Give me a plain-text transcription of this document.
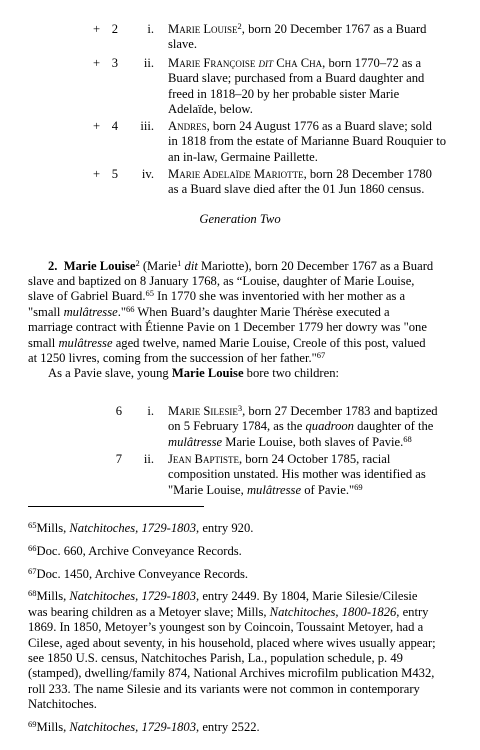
+ 2	i. Marie Louise$^2$, born 20 December 1767 as a Buard
slave.
+ 3	ii. Marie Françoise dit Cha Cha, born 1770–72 as a
Buard slave; purchased from a Buard daughter and
freed in 1818–20 by her probable sister Marie
Adelaïde, below.
+ 4	iii. Andres, born 24 August 1776 as a Buard slave; sold
in 1818 from the estate of Marianne Buard Rouquier to
an in-law, Germaine Paillette.
+ 5	iv. Marie Adelaïde Mariotte, born 28 December 1780
as a Buard slave died after the 01 Jun 1860 census.
Generation Two

2. Marie Louise$^2$ (Marie$^1$ dit Mariotte), born 20 December 1767 as a Buard

slave and baptized on 8 January 1768, as “Louise, daughter of Marie Louise,
slave of Gabriel Buard.$^{65}$ In 1770 she was inventoried with her mother as a
"small mulâtresse."$^{66}$ When Buard’s daughter Marie Thérèse executed a
marriage contract with Étienne Pavie on 1 December 1779 her dowry was "one
small mulâtresse aged twelve, named Marie Louise, Creole of this post, valued
at 1250 livres, coming from the succession of her father."$^{67}$
As a Pavie slave, young Marie Louise bore two children:

6	i. Marie Silesie$^3$, born 27 December 1783 and baptized
on 5 February 1784, as the quadroon daughter of the
mulâtresse Marie Louise, both slaves of Pavie.$^{68}$
7	ii. Jean Baptiste, born 24 October 1785, racial
composition unstated. His mother was identified as
"Marie Louise, mulâtresse of Pavie."$^{69}$

$^{65}$Mills, Natchitoches, 1729-1803, entry 920.

$^{66}$Doc. 660, Archive Conveyance Records.

$^{67}$Doc. 1450, Archive Conveyance Records.

$^{68}$Mills, Natchitoches, 1729-1803, entry 2449. By 1804, Marie Silesie/Cilesie
was bearing children as a Metoyer slave; Mills, Natchitoches, 1800-1826, entry
1869. In 1850, Metoyer’s youngest son by Coincoin, Toussaint Metoyer, had a
Cilese, aged about seventy, in his household, placed where wives usually appear;
see 1850 U.S. census, Natchitoches Parish, La., population schedule, p. 49
(stamped), dwelling/family 874, National Archives microfilm publication M432,
roll 233. The name Silesie and its variants were not common in contemporary
Natchitoches.

$^{69}$Mills, Natchitoches, 1729-1803, entry 2522.
